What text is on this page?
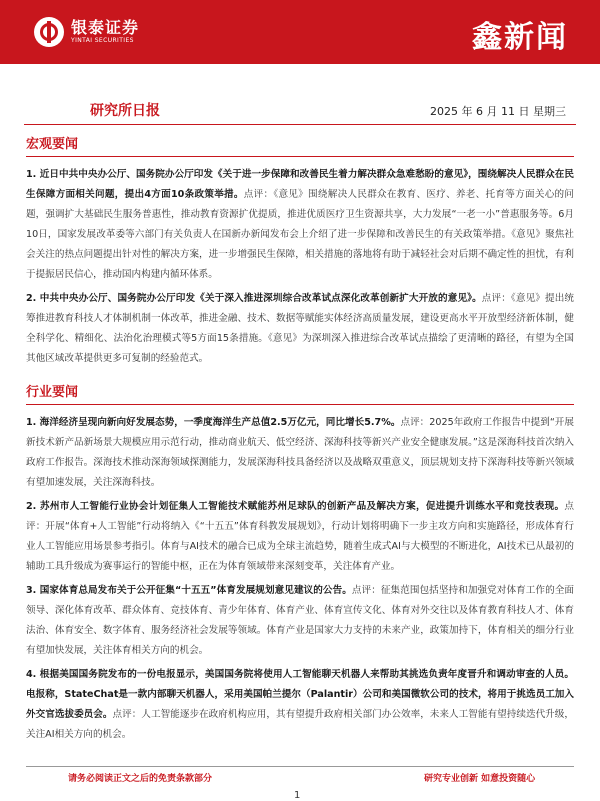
银泰证券
YINTAI SECURITIES	鑫新闻
研究所日报	2025 年 6 月 11 日 星期三
宏观要闻

1. 近日中共中央办公厅、国务院办公厅印发《关于进一步保障和改善民生着力解决群众急难愁盼的意见》，围绕解决人民群众在民生保障方面相关问题，提出4方面10条政策举措。点评：《意见》围绕解决人民群众在教育、医疗、养老、托育等方面关心的问题，强调扩大基础民生服务普惠性，推动教育资源扩优提质，推进优质医疗卫生资源共享，大力发展“一老一小”普惠服务等。6月10日，国家发展改革委等六部门有关负责人在国新办新闻发布会上介绍了进一步保障和改善民生的有关政策举措。《意见》聚焦社会关注的热点问题提出针对性的解决方案，进一步增强民生保障，相关措施的落地将有助于减轻社会对后期不确定性的担忧，有利于提振居民信心，推动国内构建内循环体系。

2. 中共中央办公厅、国务院办公厅印发《关于深入推进深圳综合改革试点深化改革创新扩大开放的意见》。点评：《意见》提出统筹推进教育科技人才体制机制一体改革，推进金融、技术、数据等赋能实体经济高质量发展，建设更高水平开放型经济新体制，健全科学化、精细化、法治化治理模式等5方面15条措施。《意见》为深圳深入推进综合改革试点描绘了更清晰的路径，有望为全国其他区域改革提供更多可复制的经验范式。

行业要闻

1. 海洋经济呈现向新向好发展态势，一季度海洋生产总值2.5万亿元，同比增长5.7%。点评：2025年政府工作报告中提到“开展新技术新产品新场景大规模应用示范行动，推动商业航天、低空经济、深海科技等新兴产业安全健康发展。”这是深海科技首次纳入政府工作报告。深海技术推动深海领域探测能力，发展深海科技具备经济以及战略双重意义，顶层规划支持下深海科技等新兴领域有望加速发展，关注深海科技。

2. 苏州市人工智能行业协会计划征集人工智能技术赋能苏州足球队的创新产品及解决方案，促进提升训练水平和竞技表现。点评：开展“体育+人工智能”行动将纳入《“十五五”体育科教发展规划》，行动计划将明确下一步主攻方向和实施路径，形成体育行业人工智能应用场景参考指引。体育与AI技术的融合已成为全球主流趋势，随着生成式AI与大模型的不断进化，AI技术已从最初的辅助工具升级成为赛事运行的智能中枢，正在为体育领域带来深刻变革，关注体育产业。

3. 国家体育总局发布关于公开征集“十五五”体育发展规划意见建议的公告。点评：征集范围包括坚持和加强党对体育工作的全面领导、深化体育改革、群众体育、竞技体育、青少年体育、体育产业、体育宣传文化、体育对外交往以及体育教育科技人才、体育法治、体育安全、数字体育、服务经济社会发展等领域。体育产业是国家大力支持的未来产业，政策加持下，体育相关的细分行业有望加快发展，关注体育相关方向的机会。

4. 根据美国国务院发布的一份电报显示，美国国务院将使用人工智能聊天机器人来帮助其挑选负责年度晋升和调动审查的人员。电报称，StateChat是一款内部聊天机器人，采用美国帕兰提尔（Palantir）公司和美国微软公司的技术，将用于挑选员工加入外交官选拔委员会。点评：人工智能逐步在政府机构应用，其有望提升政府相关部门办公效率，未来人工智能有望持续迭代升级，关注AI相关方向的机会。

请务必阅读正文之后的免责条款部分	研究专业创新 如意投资随心
1
